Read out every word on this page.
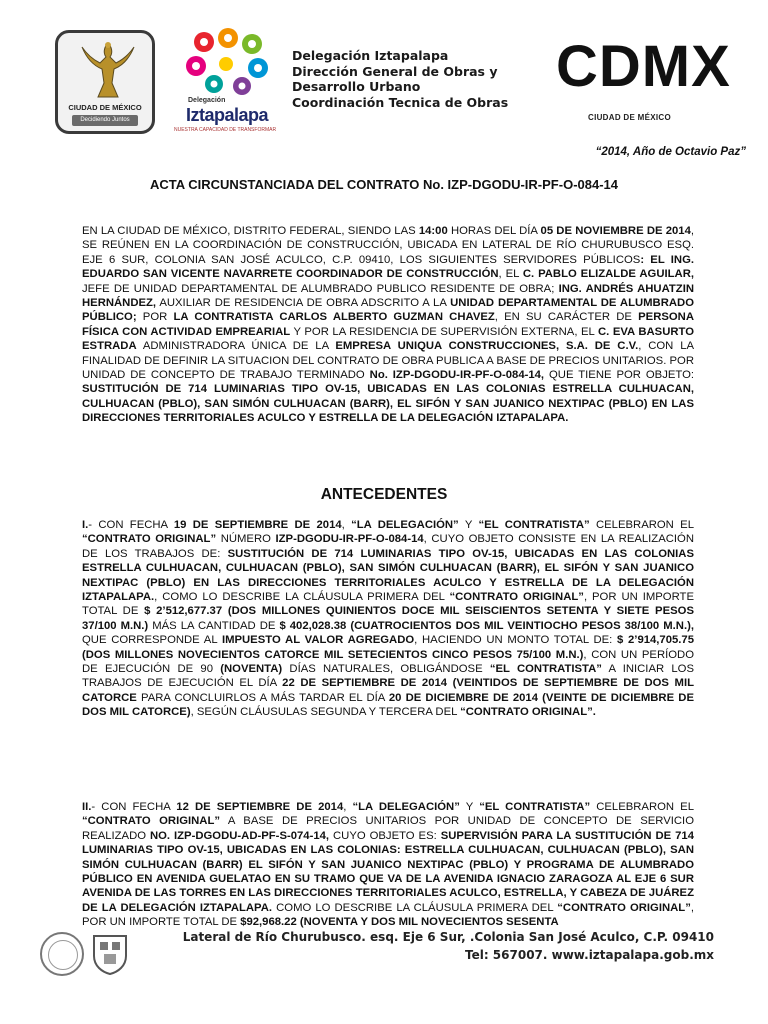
CIUDAD DE MÉXICO
Decidiendo Juntos
Delegación
Iztapalapa
NUESTRA CAPACIDAD DE TRANSFORMAR
Delegación Iztapalapa
Dirección General de Obras y
Desarrollo Urbano
Coordinación Tecnica de Obras
CDMX
CIUDAD DE MÉXICO
“2014, Año de Octavio Paz”
ACTA CIRCUNSTANCIADA DEL CONTRATO No. IZP-DGODU-IR-PF-O-084-14
EN LA CIUDAD DE MÉXICO, DISTRITO FEDERAL, SIENDO LAS 14:00 HORAS DEL DÍA 05 DE NOVIEMBRE DE 2014, SE REÚNEN EN LA COORDINACIÓN DE CONSTRUCCIÓN, UBICADA EN LATERAL DE RÍO CHURUBUSCO ESQ. EJE 6 SUR, COLONIA SAN JOSÉ ACULCO, C.P. 09410, LOS SIGUIENTES SERVIDORES PÚBLICOS: EL ING. EDUARDO SAN VICENTE NAVARRETE COORDINADOR DE CONSTRUCCIÓN, EL C. PABLO ELIZALDE AGUILAR, JEFE DE UNIDAD DEPARTAMENTAL DE ALUMBRADO PUBLICO RESIDENTE DE OBRA; ING. ANDRÉS AHUATZIN HERNÁNDEZ, AUXILIAR DE RESIDENCIA DE OBRA ADSCRITO A LA UNIDAD DEPARTAMENTAL DE ALUMBRADO PÚBLICO; POR LA CONTRATISTA CARLOS ALBERTO GUZMAN CHAVEZ, EN SU CARÁCTER DE PERSONA FÍSICA CON ACTIVIDAD EMPREARIAL Y POR LA RESIDENCIA DE SUPERVISIÓN EXTERNA, EL C. EVA BASURTO ESTRADA ADMINISTRADORA ÚNICA DE LA EMPRESA UNIQUA CONSTRUCCIONES, S.A. DE C.V., CON LA FINALIDAD DE DEFINIR LA SITUACION DEL CONTRATO DE OBRA PUBLICA A BASE DE PRECIOS UNITARIOS. POR UNIDAD DE CONCEPTO DE TRABAJO TERMINADO No. IZP-DGODU-IR-PF-O-084-14, QUE TIENE POR OBJETO: SUSTITUCIÓN DE 714 LUMINARIAS TIPO OV-15, UBICADAS EN LAS COLONIAS ESTRELLA CULHUACAN, CULHUACAN (PBLO), SAN SIMÓN CULHUACAN (BARR), EL SIFÓN Y SAN JUANICO NEXTIPAC (PBLO) EN LAS DIRECCIONES TERRITORIALES ACULCO Y ESTRELLA DE LA DELEGACIÓN IZTAPALAPA.
ANTECEDENTES
I.- CON FECHA 19 DE SEPTIEMBRE DE 2014, “LA DELEGACIÓN” Y “EL CONTRATISTA” CELEBRARON EL “CONTRATO ORIGINAL” NÚMERO IZP-DGODU-IR-PF-O-084-14, CUYO OBJETO CONSISTE EN LA REALIZACIÓN DE LOS TRABAJOS DE: SUSTITUCIÓN DE 714 LUMINARIAS TIPO OV-15, UBICADAS EN LAS COLONIAS ESTRELLA CULHUACAN, CULHUACAN (PBLO), SAN SIMÓN CULHUACAN (BARR), EL SIFÓN Y SAN JUANICO NEXTIPAC (PBLO) EN LAS DIRECCIONES TERRITORIALES ACULCO Y ESTRELLA DE LA DELEGACIÓN IZTAPALAPA., COMO LO DESCRIBE LA CLÁUSULA PRIMERA DEL “CONTRATO ORIGINAL”, POR UN IMPORTE TOTAL DE $ 2’512,677.37 (DOS MILLONES QUINIENTOS DOCE MIL SEISCIENTOS SETENTA Y SIETE PESOS 37/100 M.N.) MÁS LA CANTIDAD DE $ 402,028.38 (CUATROCIENTOS DOS MIL VEINTIOCHO PESOS 38/100 M.N.), QUE CORRESPONDE AL IMPUESTO AL VALOR AGREGADO, HACIENDO UN MONTO TOTAL DE: $ 2’914,705.75 (DOS MILLONES NOVECIENTOS CATORCE MIL SETECIENTOS CINCO PESOS 75/100 M.N.), CON UN PERÍODO DE EJECUCIÓN DE 90 (NOVENTA) DÍAS NATURALES, OBLIGÁNDOSE “EL CONTRATISTA” A INICIAR LOS TRABAJOS DE EJECUCIÓN EL DÍA 22 DE SEPTIEMBRE DE 2014 (VEINTIDOS DE SEPTIEMBRE DE DOS MIL CATORCE PARA CONCLUIRLOS A MÁS TARDAR EL DÍA 20 DE DICIEMBRE DE 2014 (VEINTE DE DICIEMBRE DE DOS MIL CATORCE), SEGÚN CLÁUSULAS SEGUNDA Y TERCERA DEL “CONTRATO ORIGINAL”.
II.- CON FECHA 12 DE SEPTIEMBRE DE 2014, “LA DELEGACIÓN” Y “EL CONTRATISTA” CELEBRARON EL “CONTRATO ORIGINAL” A BASE DE PRECIOS UNITARIOS POR UNIDAD DE CONCEPTO DE SERVICIO REALIZADO NO. IZP-DGODU-AD-PF-S-074-14, CUYO OBJETO ES: SUPERVISIÓN PARA LA SUSTITUCIÓN DE 714 LUMINARIAS TIPO OV-15, UBICADAS EN LAS COLONIAS: ESTRELLA CULHUACAN, CULHUACAN (PBLO), SAN SIMÓN CULHUACAN (BARR) EL SIFÓN Y SAN JUANICO NEXTIPAC (PBLO) Y PROGRAMA DE ALUMBRADO PÚBLICO EN AVENIDA GUELATAO EN SU TRAMO QUE VA DE LA AVENIDA IGNACIO ZARAGOZA AL EJE 6 SUR AVENIDA DE LAS TORRES EN LAS DIRECCIONES TERRITORIALES ACULCO, ESTRELLA, Y CABEZA DE JUÁREZ DE LA DELEGACIÓN IZTAPALAPA. COMO LO DESCRIBE LA CLÁUSULA PRIMERA DEL “CONTRATO ORIGINAL”, POR UN IMPORTE TOTAL DE $92,968.22 (NOVENTA Y DOS MIL NOVECIENTOS SESENTA
Lateral de Río Churubusco. esq. Eje 6 Sur, .Colonia San José Aculco, C.P. 09410
Tel: 567007. www.iztapalapa.gob.mx
